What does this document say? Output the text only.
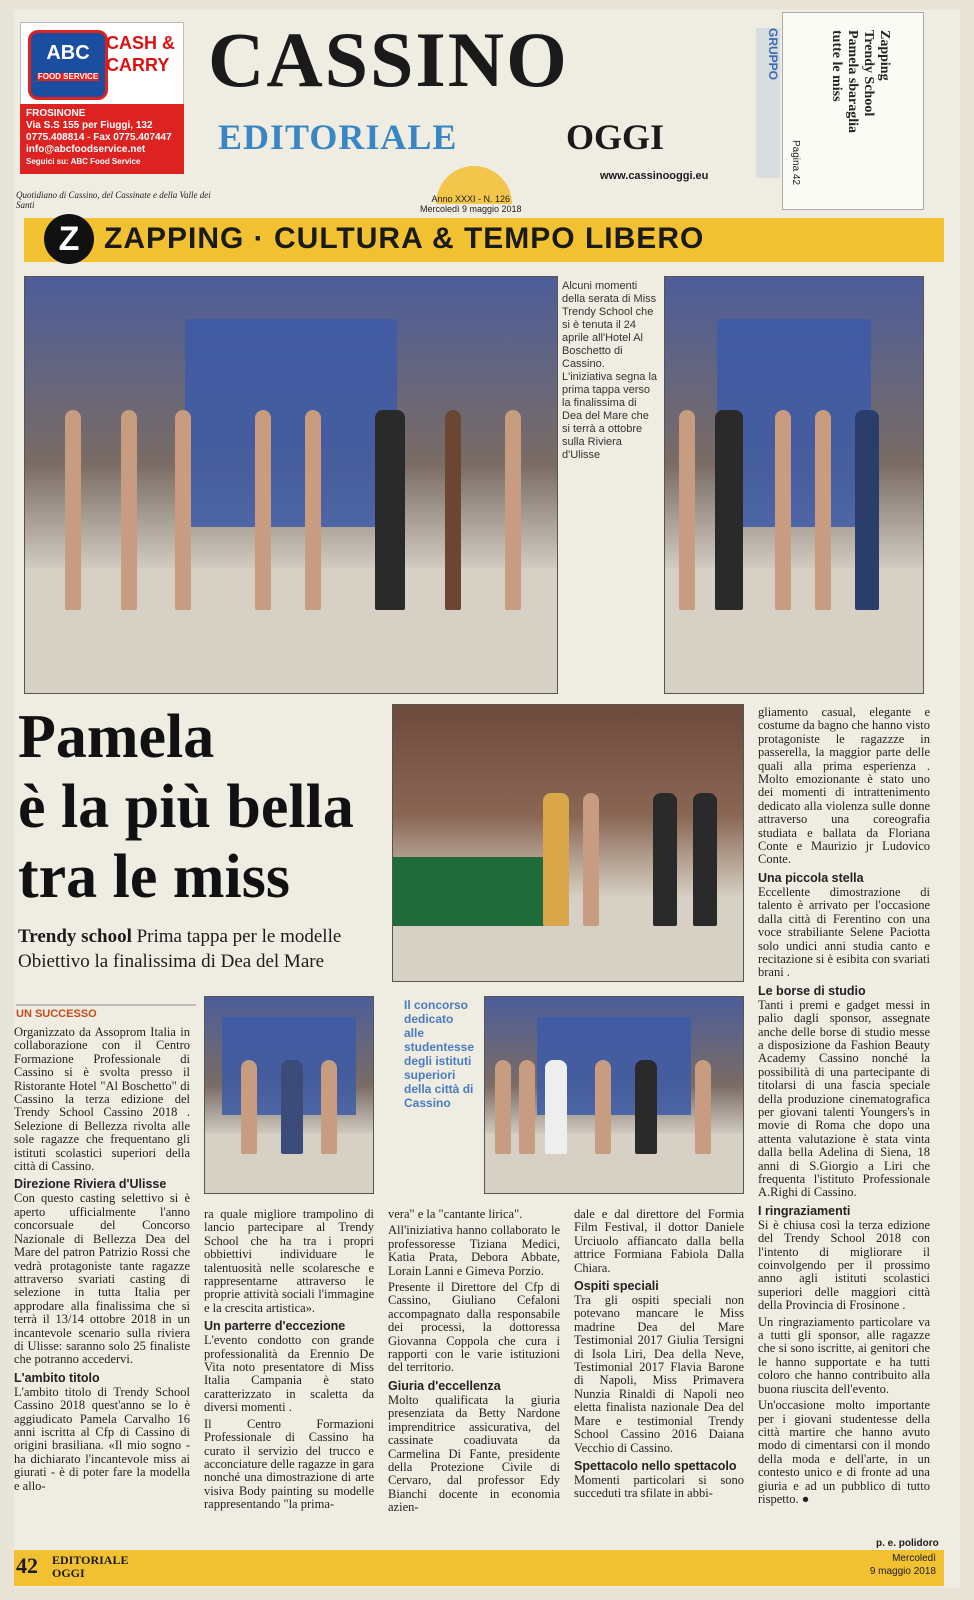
ABC
FOOD SERVICE
CASH &
CARRY
FROSINONE
Via S.S 155 per Fiuggi, 132
0775.408814 - Fax 0775.407447
info@abcfoodservice.net
Seguici su: ABC Food Service
CASSINO
EDITORIALE	OGGI
www.cassinooggi.eu
Quotidiano di Cassino, del Cassinate e della Valle dei Santi
Anno XXXI - N. 126
Mercoledì 9 maggio 2018
GRUPPO	Zapping
Trendy School
Pamela sbaraglia
tutte le miss
Pagina 42
Z ZAPPING · CULTURA & TEMPO LIBERO
Alcuni momenti della serata di Miss Trendy School che si è tenuta il 24 aprile all'Hotel Al Boschetto di Cassino. L'iniziativa segna la prima tappa verso la finalissima di Dea del Mare che si terrà a ottobre sulla Riviera d'Ulisse
Pamela
è la più bella
tra le miss
Trendy school Prima tappa per le modelle
Obiettivo la finalissima di Dea del Mare
UN SUCCESSO
Il concorso dedicato alle studentesse degli istituti superiori della città di Cassino

Organizzato da Assoprom Italia in collaborazione con il Centro Formazione Professionale di Cassino si è svolta presso il Ristorante Hotel "Al Boschetto" di Cassino la terza edizione del Trendy School Cassino 2018 . Selezione di Bellezza rivolta alle sole ragazze che frequentano gli istituti scolastici superiori della città di Cassino.

Direzione Riviera d'Ulisse

Con questo casting selettivo si è aperto ufficialmente l'anno concorsuale del Concorso Nazionale di Bellezza Dea del Mare del patron Patrizio Rossi che vedrà protagoniste tante ragazze attraverso svariati casting di selezione in tutta Italia per approdare alla finalissima che si terrà il 13/14 ottobre 2018 in un incantevole scenario sulla riviera di Ulisse: saranno solo 25 finaliste che potranno accedervi.

L'ambito titolo

L'ambito titolo di Trendy School Cassino 2018 quest'anno se lo è aggiudicato Pamela Carvalho 16 anni iscritta al Cfp di Cassino di origini brasiliana. «Il mio sogno - ha dichiarato l'incantevole miss ai giurati - è di poter fare la modella e allo-

ra quale migliore trampolino di lancio partecipare al Trendy School che ha tra i propri obbiettivi individuare le talentuosità nelle scolaresche e rappresentarne attraverso le proprie attività sociali l'immagine e la crescita artistica».

Un parterre d'eccezione

L'evento condotto con grande professionalità da Erennio De Vita noto presentatore di Miss Italia Campania è stato caratterizzato in scaletta da diversi momenti .

Il Centro Formazioni Professionale di Cassino ha curato il servizio del trucco e acconciature delle ragazze in gara nonché una dimostrazione di arte visiva Body painting su modelle rappresentando "la prima-

vera" e la "cantante lirica".

All'iniziativa hanno collaborato le professoresse Tiziana Medici, Katia Prata, Debora Abbate, Lorain Lanni e Gimeva Porzio.

Presente il Direttore del Cfp di Cassino, Giuliano Cefaloni accompagnato dalla responsabile dei processi, la dottoressa Giovanna Coppola che cura i rapporti con le varie istituzioni del territorio.

Giuria d'eccellenza

Molto qualificata la giuria presenziata da Betty Nardone imprenditrice assicurativa, del cassinate coadiuvata da Carmelina Di Fante, presidente della Protezione Civile di Cervaro, dal professor Edy Bianchi docente in economia azien-

dale e dal direttore del Formia Film Festival, il dottor Daniele Urciuolo affiancato dalla bella attrice Formiana Fabiola Dalla Chiara.

Ospiti speciali

Tra gli ospiti speciali non potevano mancare le Miss madrine Dea del Mare Testimonial 2017 Giulia Tersigni di Isola Liri, Dea della Neve, Testimonial 2017 Flavia Barone di Napoli, Miss Primavera Nunzia Rinaldi di Napoli neo eletta finalista nazionale Dea del Mare e testimonial Trendy School Cassino 2016 Daiana Vecchio di Cassino.

Spettacolo nello spettacolo

Momenti particolari si sono succeduti tra sfilate in abbi-

gliamento casual, elegante e costume da bagno che hanno visto protagoniste le ragazzze in passerella, la maggior parte delle quali alla prima esperienza . Molto emozionante è stato uno dei momenti di intrattenimento dedicato alla violenza sulle donne attraverso una coreografia studiata e ballata da Floriana Conte e Maurizio jr Ludovico Conte.

Una piccola stella

Eccellente dimostrazione di talento è arrivato per l'occasione dalla città di Ferentino con una voce strabiliante Selene Paciotta solo undici anni studia canto e recitazione si è esibita con svariati brani .

Le borse di studio

Tanti i premi e gadget messi in palio dagli sponsor, assegnate anche delle borse di studio messe a disposizione da Fashion Beauty Academy Cassino nonché la possibilità di una partecipante di titolarsi di una fascia speciale della produzione cinematografica per giovani talenti Youngers's in movie di Roma che dopo una attenta valutazione è stata vinta dalla bella Adelina di Siena, 18 anni di S.Giorgio a Liri che frequenta l'istituto Professionale A.Righi di Cassino.

I ringraziamenti

Si è chiusa così la terza edizione del Trendy School 2018 con l'intento di migliorare il coinvolgendo per il prossimo anno agli istituti scolastici superiori delle maggiori città della Provincia di Frosinone .

Un ringraziamento particolare va a tutti gli sponsor, alle ragazze che si sono iscritte, ai genitori che le hanno supportate e ha tutti coloro che hanno contribuito alla buona riuscita dell'evento.

Un'occasione molto importante per i giovani studentesse della città martire che hanno avuto modo di cimentarsi con il mondo della moda e dell'arte, in un contesto unico e di fronte ad una giuria e ad un pubblico di tutto rispetto. ●

p. e. polidoro
42 EDITORIALE
OGGI
Mercoledì
9 maggio 2018
